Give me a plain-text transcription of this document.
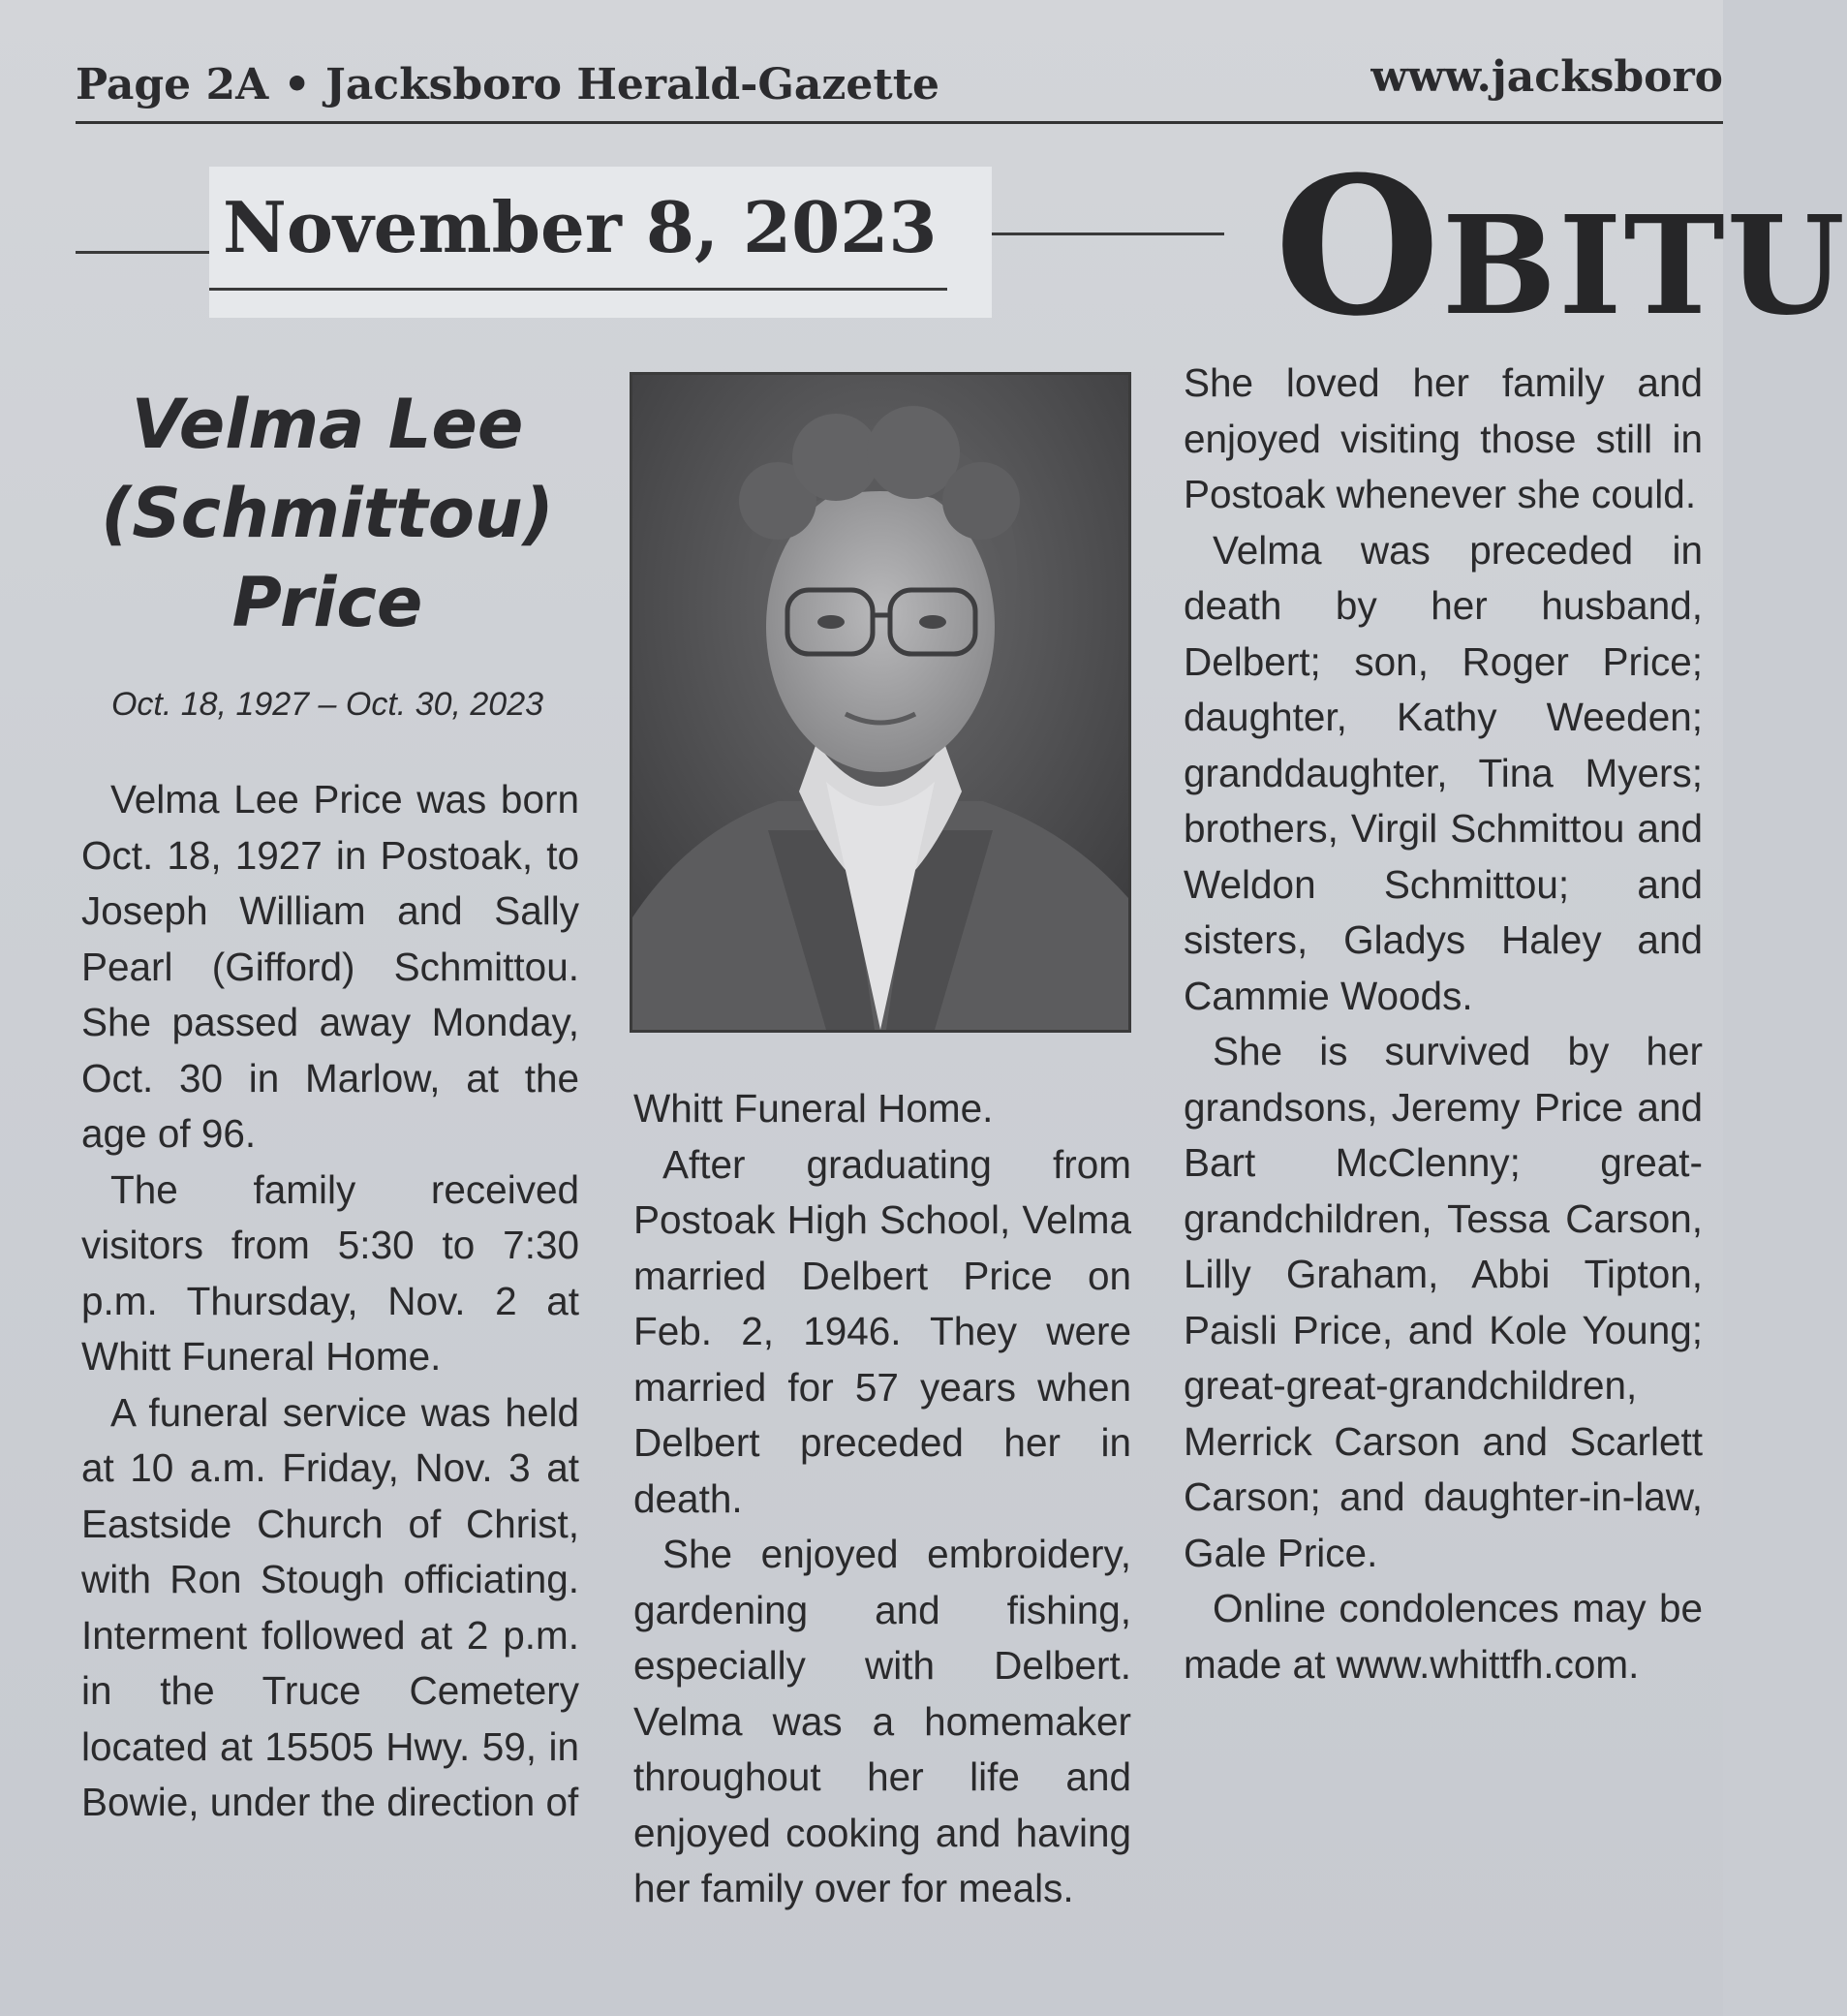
Page 2A • Jacksboro Herald-Gazette	www.jacksboro
November 8, 2023 OBITU
Velma Lee
(Schmittou)
Price
Oct. 18, 1927 – Oct. 30, 2023

Velma Lee Price was born Oct. 18, 1927 in Postoak, to Joseph William and Sally Pearl (Gifford) Schmittou. She passed away Monday, Oct. 30 in Marlow, at the age of 96.

The family received visitors from 5:30 to 7:30 p.m. Thursday, Nov. 2 at Whitt Funeral Home.

A funeral service was held at 10 a.m. Friday, Nov. 3 at Eastside Church of Christ, with Ron Stough officiating. Interment followed at 2 p.m. in the Truce Cemetery located at 15505 Hwy. 59, in Bowie, under the direction of

Whitt Funeral Home.

After graduating from Postoak High School, Velma married Delbert Price on Feb. 2, 1946. They were married for 57 years when Delbert preceded her in death.

She enjoyed embroidery, gardening and fishing, especially with Delbert. Velma was a homemaker throughout her life and enjoyed cooking and having her family over for meals.

She loved her family and enjoyed visiting those still in Postoak whenever she could.

Velma was preceded in death by her husband, Delbert; son, Roger Price; daughter, Kathy Weeden; granddaughter, Tina Myers; brothers, Virgil Schmittou and Weldon Schmittou; and sisters, Gladys Haley and Cammie Woods.

She is survived by her grandsons, Jeremy Price and Bart McClenny; great-grandchildren, Tessa Carson, Lilly Graham, Abbi Tipton, Paisli Price, and Kole Young; great-great-grandchildren, Merrick Carson and Scarlett Carson; and daughter-in-law, Gale Price.

Online condolences may be made at www.whittfh.com.
